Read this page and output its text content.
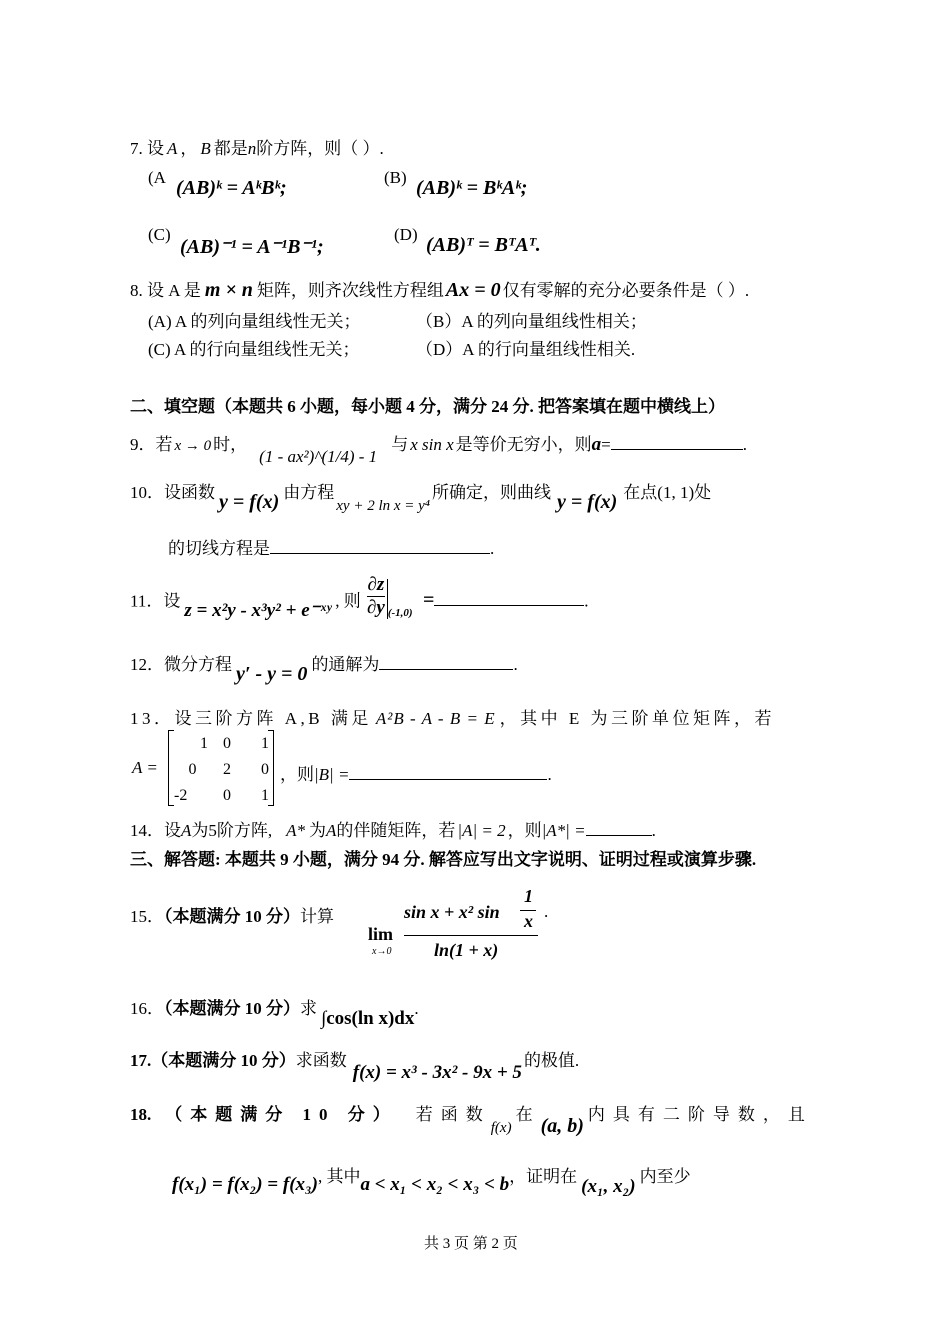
7. 设 A ， B 都是n阶方阵，则（ ）.
(A (AB)ᵏ = AᵏBᵏ;	(B) (AB)ᵏ = BᵏAᵏ;
(C)
(AB)⁻¹ = A⁻¹B⁻¹;
(D) (AB)ᵀ = BᵀAᵀ.
8. 设 A 是 m × n 矩阵，则齐次线性方程组 Ax = 0 仅有零解的充分必要条件是（ ）.
(A) A 的列向量组线性无关；	（B）A 的列向量组线性相关；
(C) A 的行向量组线性无关；	（D）A 的行向量组线性相关.
二、填空题（本题共 6 小题，每小题 4 分，满分 24 分. 把答案填在题中横线上）
9．若 x → 0 时，(1 - ax²)^(1/4) - 1与 x sin x 是等价无穷小，则a=	.
10．设函数 y = f(x) 由方程xy + 2 ln x = y⁴所确定，则曲线 y = f(x) 在点(1, 1)处
的切线方程是	.
11．设 z = x²y - x³y² + e⁻ˣʸ , 则 $\frac{\partial z}{\partial y} _{(-1,0)}$ =	.
12．微分方程 y′ - y = 0 的通解为	.
13．设三阶方阵 A,B 满足 A²B - A - B = E ，其中 E 为三阶单位矩阵，若
A =
1	0	1
0	2	0
-2	0	1
，则|B| =	.
14．设A为5阶方阵, A* 为A的伴随矩阵，若 |A| = 2 ，则|A*| =	.
三、解答题: 本题共 9 小题，满分 94 分. 解答应写出文字说明、证明过程或演算步骤.
15．（本题满分 10 分）计算
lim
x→0
sin x + x² sin
1
x
ln(1 + x)
.
16．（本题满分 10 分）求 ∫cos(ln x)dx.
17.（本题满分 10 分）求函数f(x) = x³ - 3x² - 9x + 5的极值.
18. （本题满分 10 分） 若函数f(x)在(a, b)内具有二阶导数，且
f(x₁) = f(x₂) = f(x₃), 其中a < x₁ < x₂ < x₃ < b，证明在 (x₁, x₂) 内至少
共 3 页 第 2 页
